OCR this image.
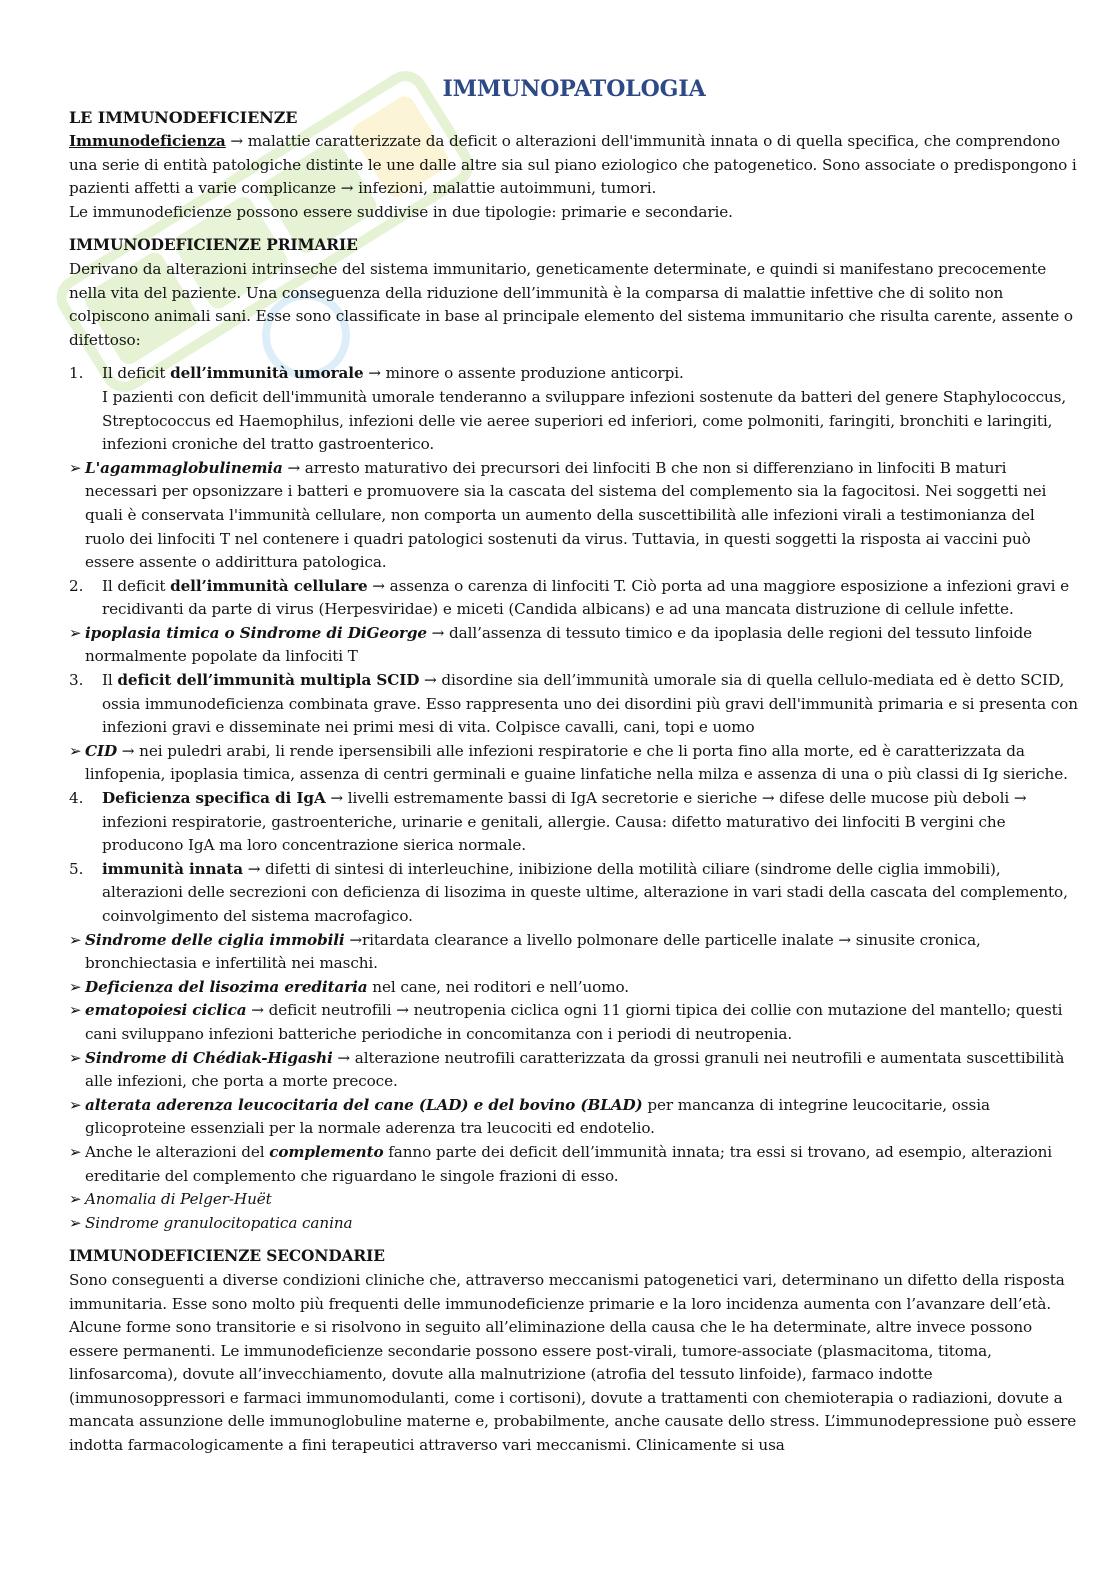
IMMUNOPATOLOGIA
LE IMMUNODEFICIENZE

Immunodeficienza → malattie caratterizzate da deficit o alterazioni dell'immunità innata o di quella specifica, che comprendono una serie di entità patologiche distinte le une dalle altre sia sul piano eziologico che patogenetico. Sono associate o predispongono i pazienti affetti a varie complicanze → infezioni, malattie autoimmuni, tumori.

Le immunodeficienze possono essere suddivise in due tipologie: primarie e secondarie.

IMMUNODEFICIENZE PRIMARIE

Derivano da alterazioni intrinseche del sistema immunitario, geneticamente determinate, e quindi si manifestano precocemente nella vita del paziente. Una conseguenza della riduzione dell’immunità è la comparsa di malattie infettive che di solito non colpiscono animali sani. Esse sono classificate in base al principale elemento del sistema immunitario che risulta carente, assente o difettoso:

1.	Il deficit dell’immunità umorale → minore o assente produzione anticorpi.
I pazienti con deficit dell'immunità umorale tenderanno a sviluppare infezioni sostenute da batteri del genere Staphylococcus, Streptococcus ed Haemophilus, infezioni delle vie aeree superiori ed inferiori, come polmoniti, faringiti, bronchiti e laringiti, infezioni croniche del tratto gastroenterico.
➢ L'agammaglobulinemia → arresto maturativo dei precursori dei linfociti B che non si differenziano in linfociti B maturi necessari per opsonizzare i batteri e promuovere sia la cascata del sistema del complemento sia la fagocitosi. Nei soggetti nei quali è conservata l'immunità cellulare, non comporta un aumento della suscettibilità alle infezioni virali a testimonianza del ruolo dei linfociti T nel contenere i quadri patologici sostenuti da virus. Tuttavia, in questi soggetti la risposta ai vaccini può essere assente o addirittura patologica.
2.	Il deficit dell’immunità cellulare → assenza o carenza di linfociti T. Ciò porta ad una maggiore esposizione a infezioni gravi e recidivanti da parte di virus (Herpesviridae) e miceti (Candida albicans) e ad una mancata distruzione di cellule infette.
➢ ipoplasia timica o Sindrome di DiGeorge → dall’assenza di tessuto timico e da ipoplasia delle regioni del tessuto linfoide normalmente popolate da linfociti T
3.	Il deficit dell’immunità multipla SCID → disordine sia dell’immunità umorale sia di quella cellulo-mediata ed è detto SCID, ossia immunodeficienza combinata grave. Esso rappresenta uno dei disordini più gravi dell'immunità primaria e si presenta con infezioni gravi e disseminate nei primi mesi di vita. Colpisce cavalli, cani, topi e uomo
➢ CID → nei puledri arabi, li rende ipersensibili alle infezioni respiratorie e che li porta fino alla morte, ed è caratterizzata da linfopenia, ipoplasia timica, assenza di centri germinali e guaine linfatiche nella milza e assenza di una o più classi di Ig sieriche.
4.	Deficienza specifica di IgA → livelli estremamente bassi di IgA secretorie e sieriche → difese delle mucose più deboli → infezioni respiratorie, gastroenteriche, urinarie e genitali, allergie. Causa: difetto maturativo dei linfociti B vergini che producono IgA ma loro concentrazione sierica normale.
5.	immunità innata → difetti di sintesi di interleuchine, inibizione della motilità ciliare (sindrome delle ciglia immobili), alterazioni delle secrezioni con deficienza di lisozima in queste ultime, alterazione in vari stadi della cascata del complemento, coinvolgimento del sistema macrofagico.
➢ Sindrome delle ciglia immobili →ritardata clearance a livello polmonare delle particelle inalate → sinusite cronica, bronchiectasia e infertilità nei maschi.
➢ Deficienza del lisozima ereditaria nel cane, nei roditori e nell’uomo.
➢ ematopoiesi ciclica → deficit neutrofili → neutropenia ciclica ogni 11 giorni tipica dei collie con mutazione del mantello; questi cani sviluppano infezioni batteriche periodiche in concomitanza con i periodi di neutropenia.
➢ Sindrome di Chédiak-Higashi → alterazione neutrofili caratterizzata da grossi granuli nei neutrofili e aumentata suscettibilità alle infezioni, che porta a morte precoce.
➢ alterata aderenza leucocitaria del cane (LAD) e del bovino (BLAD) per mancanza di integrine leucocitarie, ossia glicoproteine essenziali per la normale aderenza tra leucociti ed endotelio.
➢ Anche le alterazioni del complemento fanno parte dei deficit dell’immunità innata; tra essi si trovano, ad esempio, alterazioni ereditarie del complemento che riguardano le singole frazioni di esso.
➢ Anomalia di Pelger-Huët
➢ Sindrome granulocitopatica canina
IMMUNODEFICIENZE SECONDARIE

Sono conseguenti a diverse condizioni cliniche che, attraverso meccanismi patogenetici vari, determinano un difetto della risposta immunitaria. Esse sono molto più frequenti delle immunodeficienze primarie e la loro incidenza aumenta con l’avanzare dell’età. Alcune forme sono transitorie e si risolvono in seguito all’eliminazione della causa che le ha determinate, altre invece possono essere permanenti. Le immunodeficienze secondarie possono essere post-virali, tumore-associate (plasmacitoma, titoma, linfosarcoma), dovute all’invecchiamento, dovute alla malnutrizione (atrofia del tessuto linfoide), farmaco indotte (immunosoppressori e farmaci immunomodulanti, come i cortisoni), dovute a trattamenti con chemioterapia o radiazioni, dovute a mancata assunzione delle immunoglobuline materne e, probabilmente, anche causate dello stress. L’immunodepressione può essere indotta farmacologicamente a fini terapeutici attraverso vari meccanismi. Clinicamente si usa
